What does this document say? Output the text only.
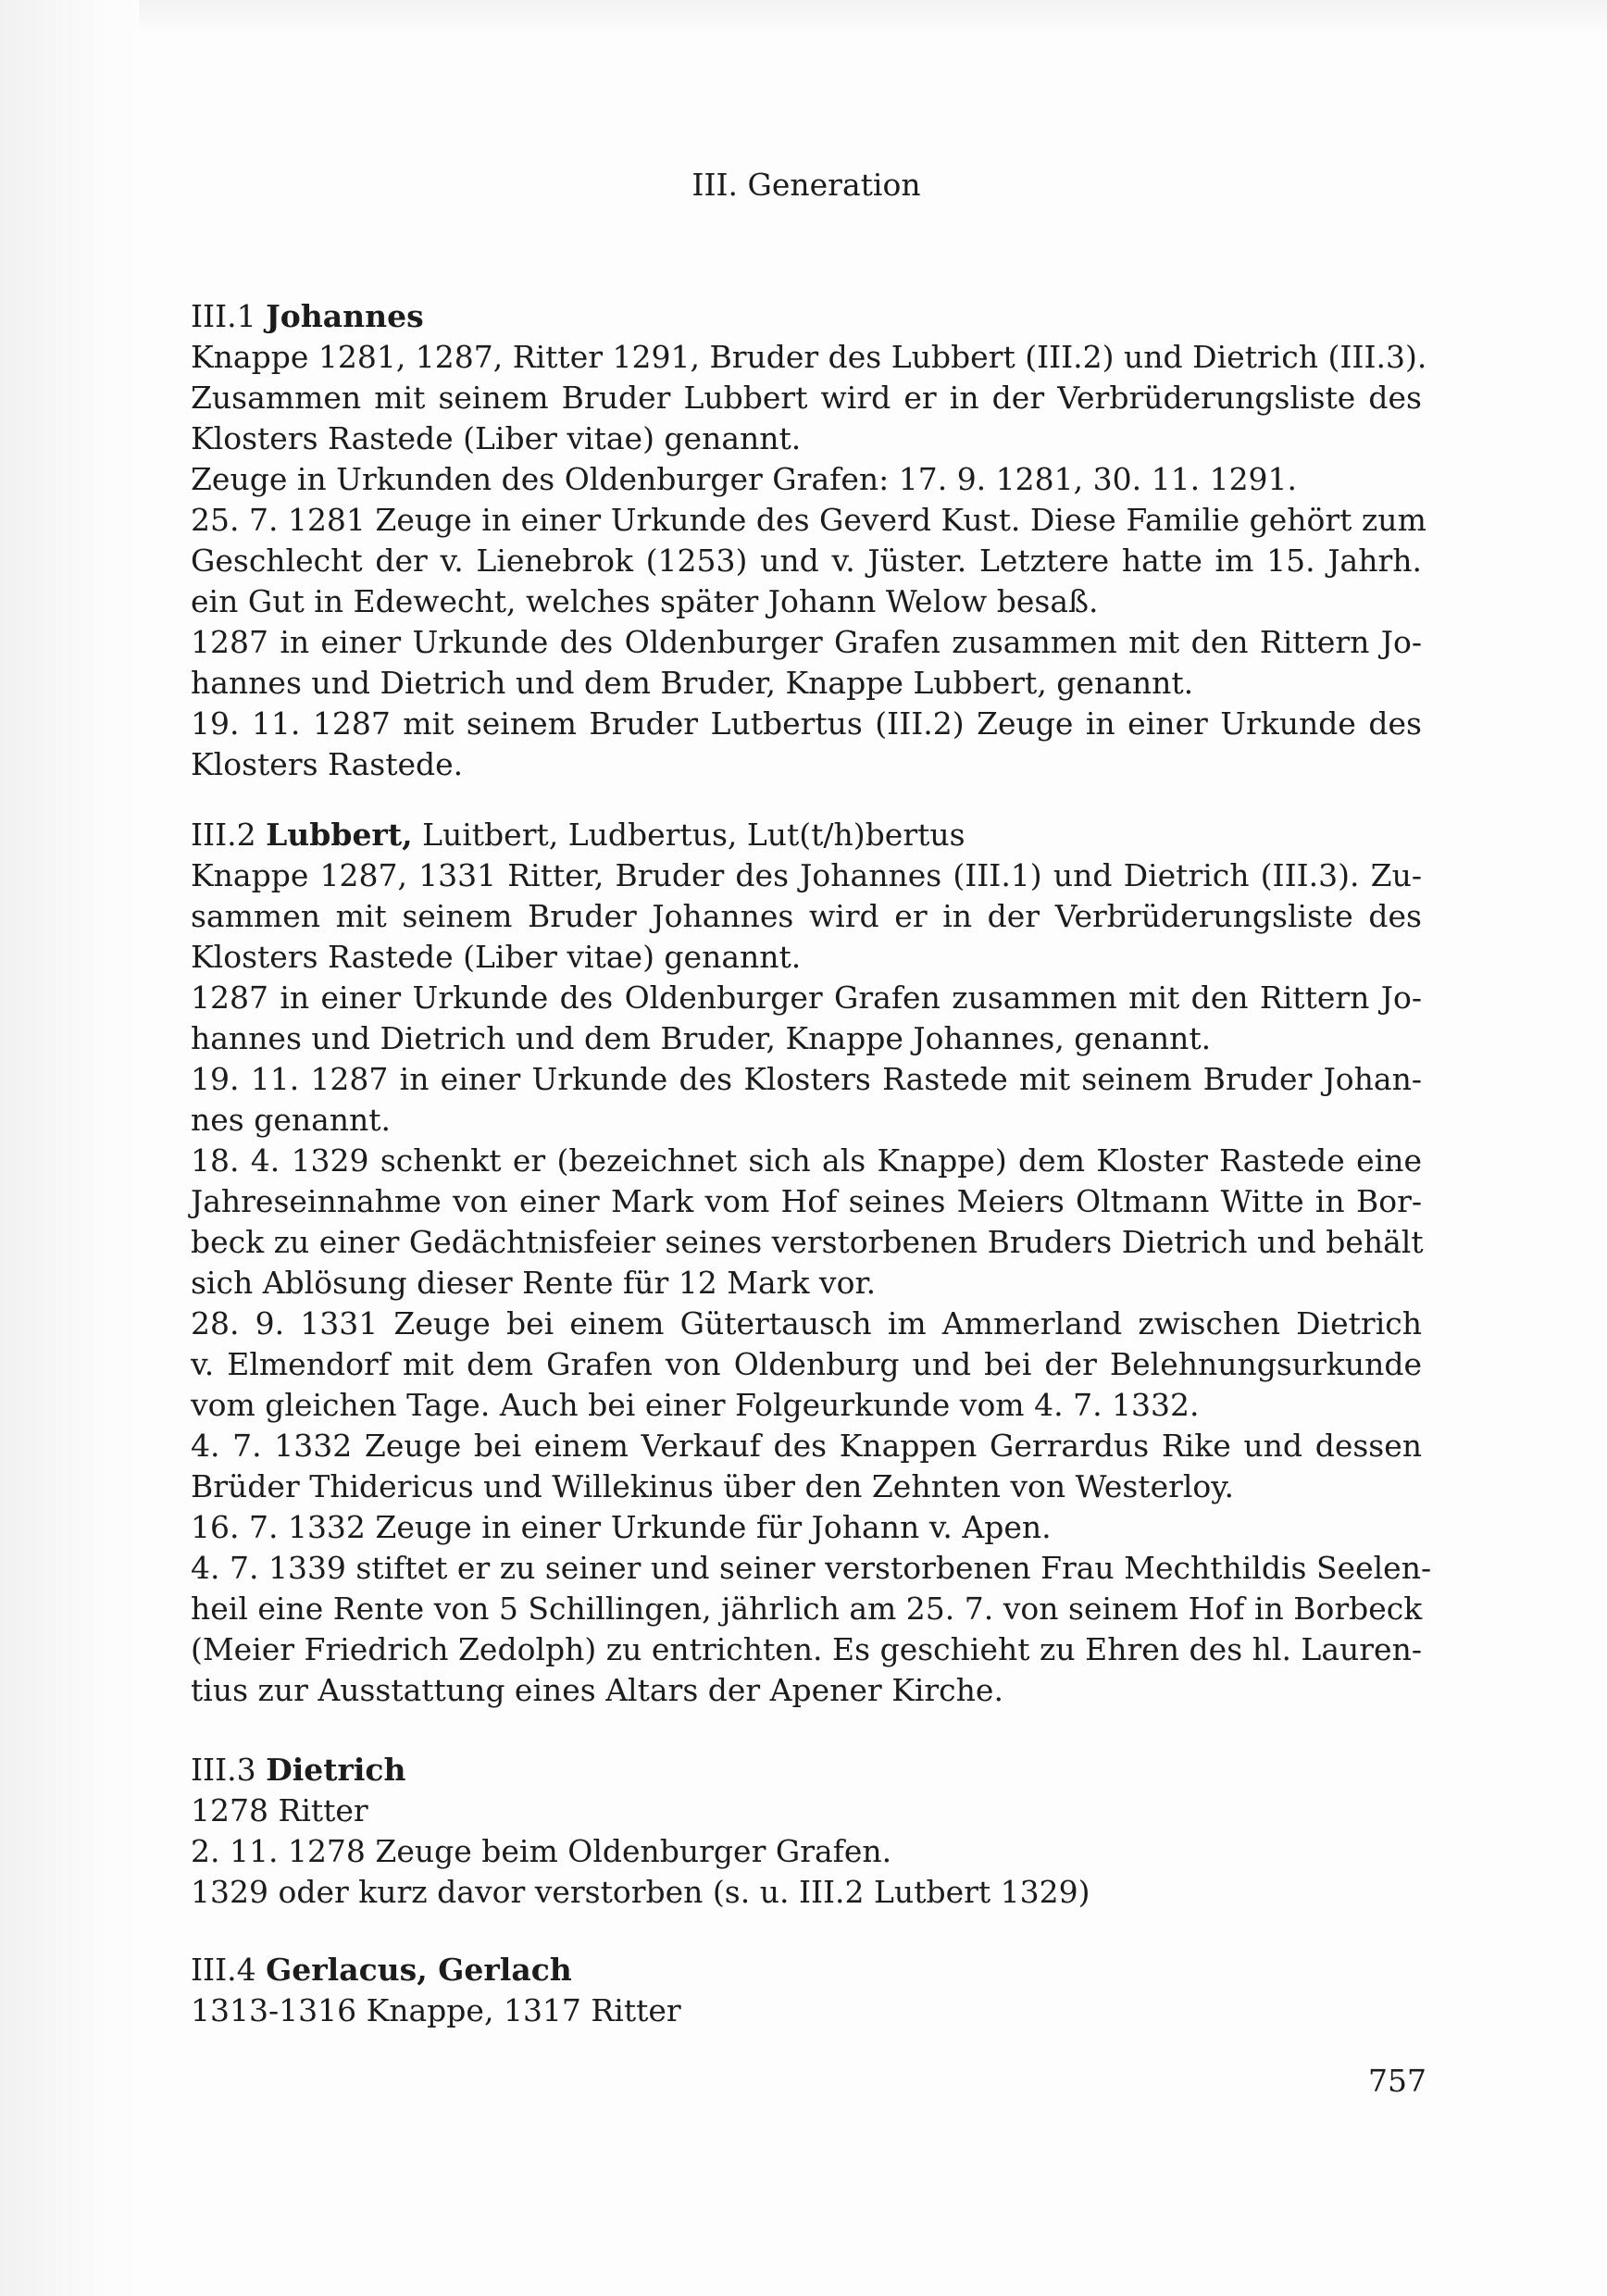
III. Generation

III.1 Johannes

Knappe 1281, 1287, Ritter 1291, Bruder des Lubbert (III.2) und Dietrich (III.3).

Zusammen mit seinem Bruder Lubbert wird er in der Verbrüderungsliste des

Klosters Rastede (Liber vitae) genannt.

Zeuge in Urkunden des Oldenburger Grafen: 17. 9. 1281, 30. 11. 1291.

25. 7. 1281 Zeuge in einer Urkunde des Geverd Kust. Diese Familie gehört zum

Geschlecht der v. Lienebrok (1253) und v. Jüster. Letztere hatte im 15. Jahrh.

ein Gut in Edewecht, welches später Johann Welow besaß.

1287 in einer Urkunde des Oldenburger Grafen zusammen mit den Rittern Jo-

hannes und Dietrich und dem Bruder, Knappe Lubbert, genannt.

19. 11. 1287 mit seinem Bruder Lutbertus (III.2) Zeuge in einer Urkunde des

Klosters Rastede.

III.2 Lubbert, Luitbert, Ludbertus, Lut(t/h)bertus

Knappe 1287, 1331 Ritter, Bruder des Johannes (III.1) und Dietrich (III.3). Zu-

sammen mit seinem Bruder Johannes wird er in der Verbrüderungsliste des

Klosters Rastede (Liber vitae) genannt.

1287 in einer Urkunde des Oldenburger Grafen zusammen mit den Rittern Jo-

hannes und Dietrich und dem Bruder, Knappe Johannes, genannt.

19. 11. 1287 in einer Urkunde des Klosters Rastede mit seinem Bruder Johan-

nes genannt.

18. 4. 1329 schenkt er (bezeichnet sich als Knappe) dem Kloster Rastede eine

Jahreseinnahme von einer Mark vom Hof seines Meiers Oltmann Witte in Bor-

beck zu einer Gedächtnisfeier seines verstorbenen Bruders Dietrich und behält

sich Ablösung dieser Rente für 12 Mark vor.

28. 9. 1331 Zeuge bei einem Gütertausch im Ammerland zwischen Dietrich

v. Elmendorf mit dem Grafen von Oldenburg und bei der Belehnungsurkunde

vom gleichen Tage. Auch bei einer Folgeurkunde vom 4. 7. 1332.

4. 7. 1332 Zeuge bei einem Verkauf des Knappen Gerrardus Rike und dessen

Brüder Thidericus und Willekinus über den Zehnten von Westerloy.

16. 7. 1332 Zeuge in einer Urkunde für Johann v. Apen.

4. 7. 1339 stiftet er zu seiner und seiner verstorbenen Frau Mechthildis Seelen-

heil eine Rente von 5 Schillingen, jährlich am 25. 7. von seinem Hof in Borbeck

(Meier Friedrich Zedolph) zu entrichten. Es geschieht zu Ehren des hl. Lauren-

tius zur Ausstattung eines Altars der Apener Kirche.

III.3 Dietrich

1278 Ritter

2. 11. 1278 Zeuge beim Oldenburger Grafen.

1329 oder kurz davor verstorben (s. u. III.2 Lutbert 1329)

III.4 Gerlacus, Gerlach

1313-1316 Knappe, 1317 Ritter

757
